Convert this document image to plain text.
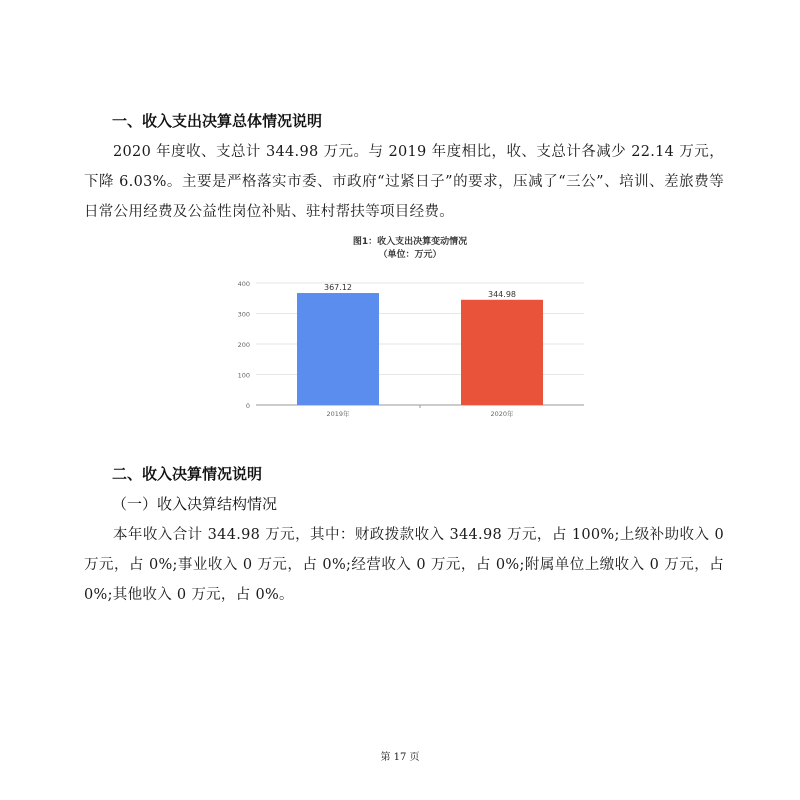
一、收入支出决算总体情况说明

2020 年度收、支总计 344.98 万元。与 2019 年度相比，收、支总计各减少 22.14 万元，下降 6.03%。主要是严格落实市委、市政府“过紧日子”的要求，压减了“三公”、培训、差旅费等日常公用经费及公益性岗位补贴、驻村帮扶等项目经费。

图1：收入支出决算变动情况
（单位：万元）
0
100
200
300
400	367.12
2019年
344.98
2020年
二、收入决算情况说明
（一）收入决算结构情况

本年收入合计 344.98 万元，其中：财政拨款收入 344.98 万元，占 100%;上级补助收入 0 万元，占 0%;事业收入 0 万元，占 0%;经营收入 0 万元，占 0%;附属单位上缴收入 0 万元，占 0%;其他收入 0 万元，占 0%。

第 17 页
